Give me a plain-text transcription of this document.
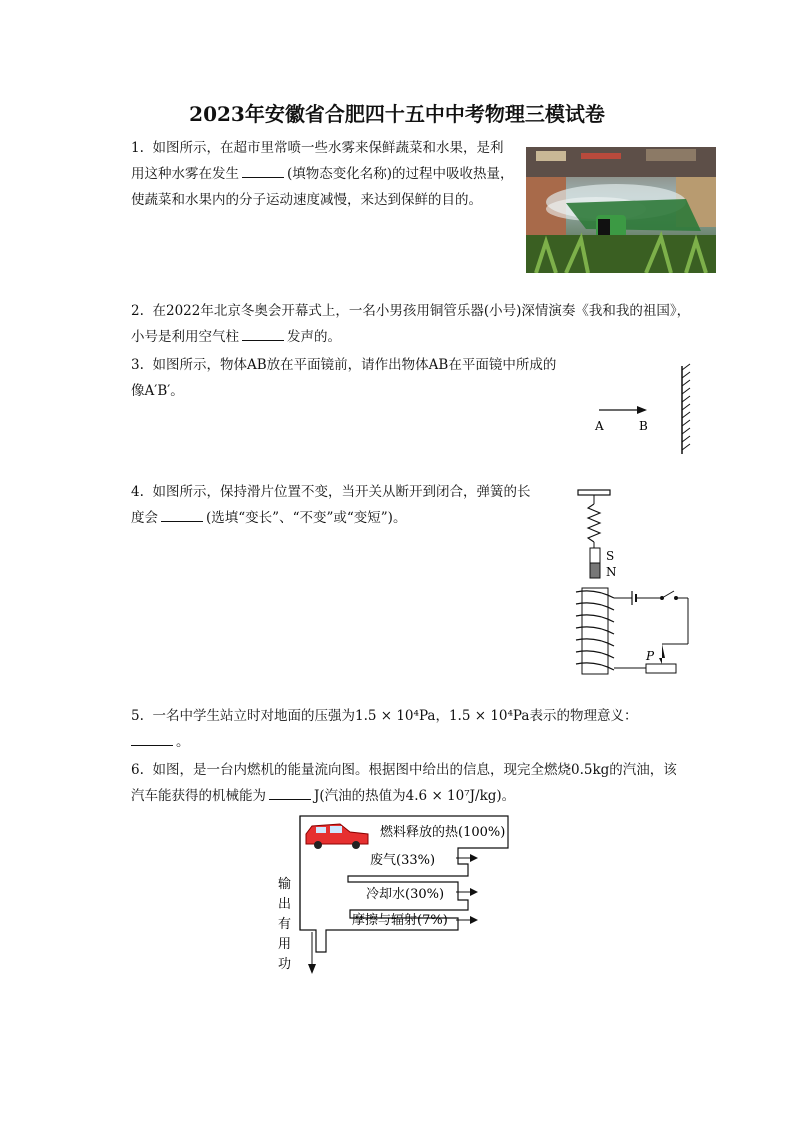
2023年安徽省合肥四十五中中考物理三模试卷
1. 如图所示，在超市里常喷一些水雾来保鲜蔬菜和水果，是利
用这种水雾在发生	(填物态变化名称)的过程中吸收热量，
使蔬菜和水果内的分子运动速度减慢，来达到保鲜的目的。
2. 在2022年北京冬奥会开幕式上，一名小男孩用铜管乐器(小号)深情演奏《我和我的祖国》，
小号是利用空气柱	发声的。
3. 如图所示，物体AB放在平面镜前，请作出物体AB在平面镜中所成的
像A′B′。
A	B
4. 如图所示，保持滑片位置不变，当开关从断开到闭合，弹簧的长
度会	(选填“变长”、“不变”或“变短”)。
S
N
P
5. 一名中学生站立时对地面的压强为1.5 × 10⁴Pa，1.5 × 10⁴Pa表示的物理意义：
。
6. 如图，是一台内燃机的能量流向图。根据图中给出的信息，现完全燃烧0.5kg的汽油，该
汽车能获得的机械能为	J(汽油的热值为4.6 × 10⁷J/kg)。
燃料释放的热(100%)
废气(33%)
冷却水(30%)
摩擦与辐射(7%)
输
出
有
用
功
